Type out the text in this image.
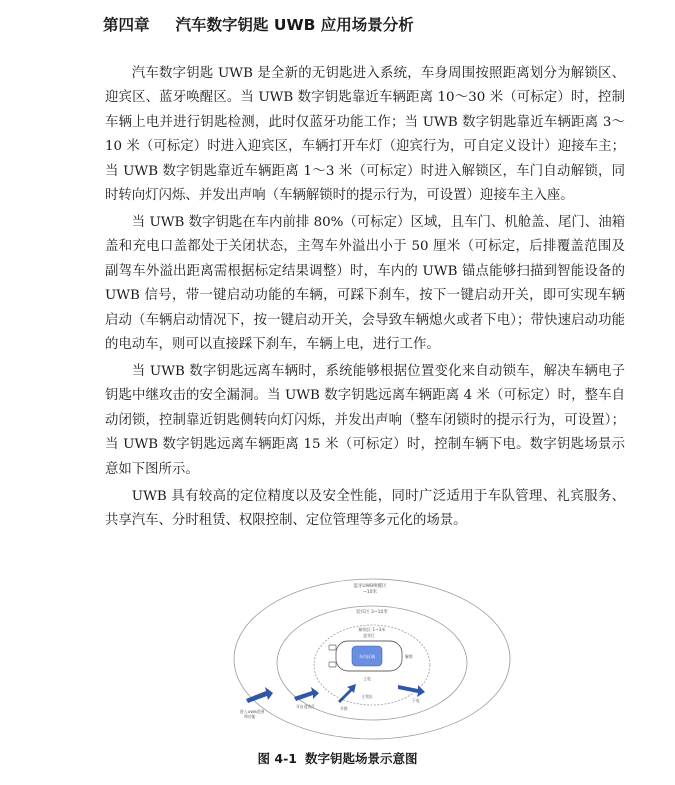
第四章 汽车数字钥匙 UWB 应用场景分析

汽车数字钥匙 UWB 是全新的无钥匙进入系统，车身周围按照距离划分为解锁区、迎宾区、蓝牙唤醒区。当 UWB 数字钥匙靠近车辆距离 10～30 米（可标定）时，控制车辆上电并进行钥匙检测，此时仅蓝牙功能工作；当 UWB 数字钥匙靠近车辆距离 3～10 米（可标定）时进入迎宾区，车辆打开车灯（迎宾行为，可自定义设计）迎接车主；当 UWB 数字钥匙靠近车辆距离 1～3 米（可标定）时进入解锁区，车门自动解锁，同时转向灯闪烁、并发出声响（车辆解锁时的提示行为，可设置）迎接车主入座。

当 UWB 数字钥匙在车内前排 80%（可标定）区域，且车门、机舱盖、尾门、油箱盖和充电口盖都处于关闭状态，主驾车外溢出小于 50 厘米（可标定，后排覆盖范围及副驾车外溢出距离需根据标定结果调整）时，车内的 UWB 锚点能够扫描到智能设备的 UWB 信号，带一键启动功能的车辆，可踩下刹车，按下一键启动开关，即可实现车辆启动（车辆启动情况下，按一键启动开关，会导致车辆熄火或者下电）；带快速启动功能的电动车，则可以直接踩下刹车，车辆上电，进行工作。

当 UWB 数字钥匙远离车辆时，系统能够根据位置变化来自动锁车，解决车辆电子钥匙中继攻击的安全漏洞。当 UWB 数字钥匙远离车辆距离 4 米（可标定）时，整车自动闭锁，控制靠近钥匙侧转向灯闪烁，并发出声响（整车闭锁时的提示行为，可设置）；当 UWB 数字钥匙远离车辆距离 15 米（可标定）时，控制车辆下电。数字钥匙场景示意如下图所示。

UWB 具有较高的定位精度以及安全性能，同时广泛适用于车队管理、礼宾服务、共享汽车、分时租赁、权限控制、定位管理等多元化的场景。

蓝牙UWB唤醒区
~10米
迎宾区 3~10米
解锁区 1~3米
车内区域
迎宾灯
解锁
上电
主驾出
进入UWB范围 和功能
开启迎宾灯	开锁
下电
图 4-1 数字钥匙场景示意图
